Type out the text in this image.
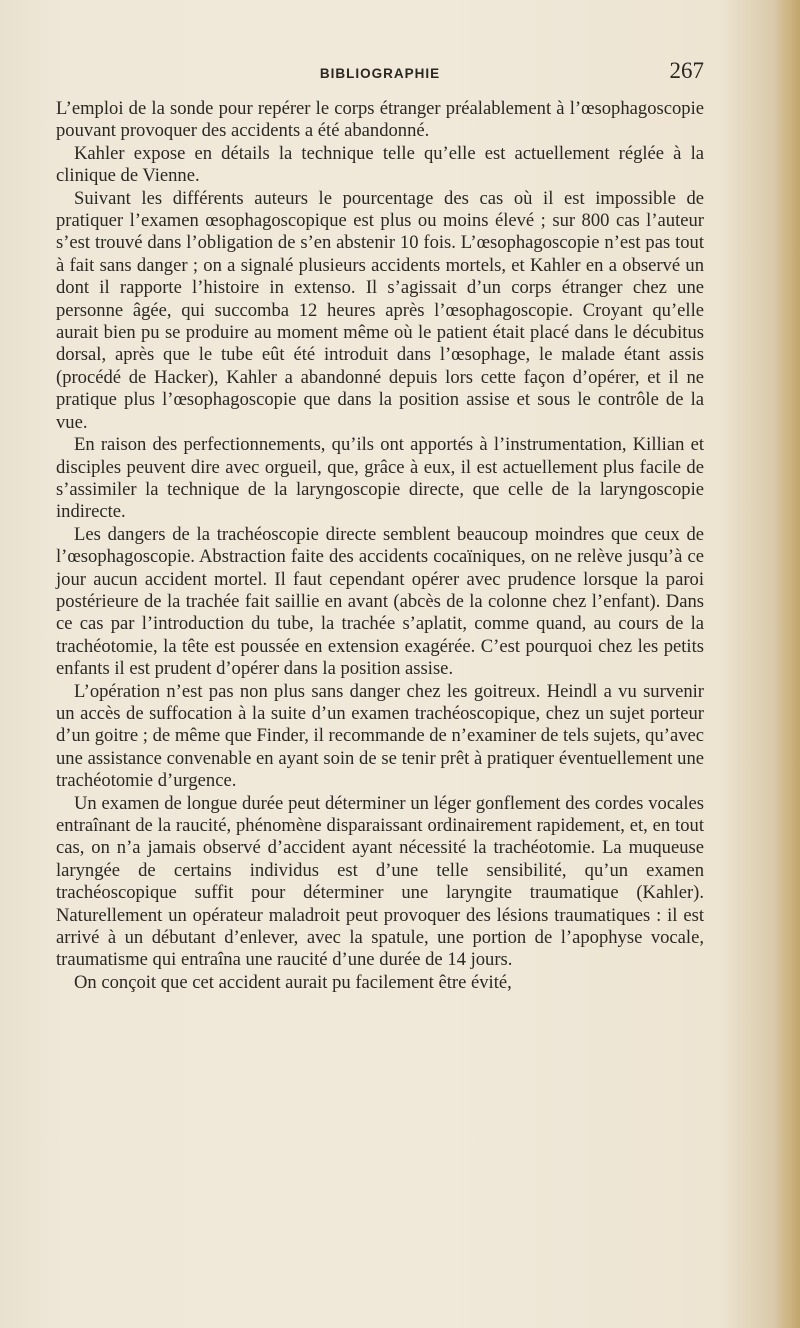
BIBLIOGRAPHIE	267

L’emploi de la sonde pour repérer le corps étranger préalablement à l’œsophagoscopie pouvant provoquer des accidents a été abandonné.

Kahler expose en détails la technique telle qu’elle est actuellement réglée à la clinique de Vienne.

Suivant les différents auteurs le pourcentage des cas où il est impossible de pratiquer l’examen œsophagoscopique est plus ou moins élevé ; sur 800 cas l’auteur s’est trouvé dans l’obligation de s’en abstenir 10 fois. L’œsophagoscopie n’est pas tout à fait sans danger ; on a signalé plusieurs accidents mortels, et Kahler en a observé un dont il rapporte l’histoire in extenso. Il s’agissait d’un corps étranger chez une personne âgée, qui succomba 12 heures après l’œsophagoscopie. Croyant qu’elle aurait bien pu se produire au moment même où le patient était placé dans le décubitus dorsal, après que le tube eût été introduit dans l’œsophage, le malade étant assis (procédé de Hacker), Kahler a abandonné depuis lors cette façon d’opérer, et il ne pratique plus l’œsophagoscopie que dans la position assise et sous le contrôle de la vue.

En raison des perfectionnements, qu’ils ont apportés à l’instrumentation, Killian et disciples peuvent dire avec orgueil, que, grâce à eux, il est actuellement plus facile de s’assimiler la technique de la laryngoscopie directe, que celle de la laryngoscopie indirecte.

Les dangers de la trachéoscopie directe semblent beaucoup moindres que ceux de l’œsophagoscopie. Abstraction faite des accidents cocaïniques, on ne relève jusqu’à ce jour aucun accident mortel. Il faut cependant opérer avec prudence lorsque la paroi postérieure de la trachée fait saillie en avant (abcès de la colonne chez l’enfant). Dans ce cas par l’introduction du tube, la trachée s’aplatit, comme quand, au cours de la trachéotomie, la tête est poussée en extension exagérée. C’est pourquoi chez les petits enfants il est prudent d’opérer dans la position assise.

L’opération n’est pas non plus sans danger chez les goitreux. Heindl a vu survenir un accès de suffocation à la suite d’un examen trachéoscopique, chez un sujet porteur d’un goitre ; de même que Finder, il recommande de n’examiner de tels sujets, qu’avec une assistance convenable en ayant soin de se tenir prêt à pratiquer éventuellement une trachéotomie d’urgence.

Un examen de longue durée peut déterminer un léger gonflement des cordes vocales entraînant de la raucité, phénomène disparaissant ordinairement rapidement, et, en tout cas, on n’a jamais observé d’accident ayant nécessité la trachéotomie. La muqueuse laryngée de certains individus est d’une telle sensibilité, qu’un examen trachéoscopique suffit pour déterminer une laryngite traumatique (Kahler). Naturellement un opérateur maladroit peut provoquer des lésions traumatiques : il est arrivé à un débutant d’enlever, avec la spatule, une portion de l’apophyse vocale, traumatisme qui entraîna une raucité d’une durée de 14 jours.

On conçoit que cet accident aurait pu facilement être évité,
